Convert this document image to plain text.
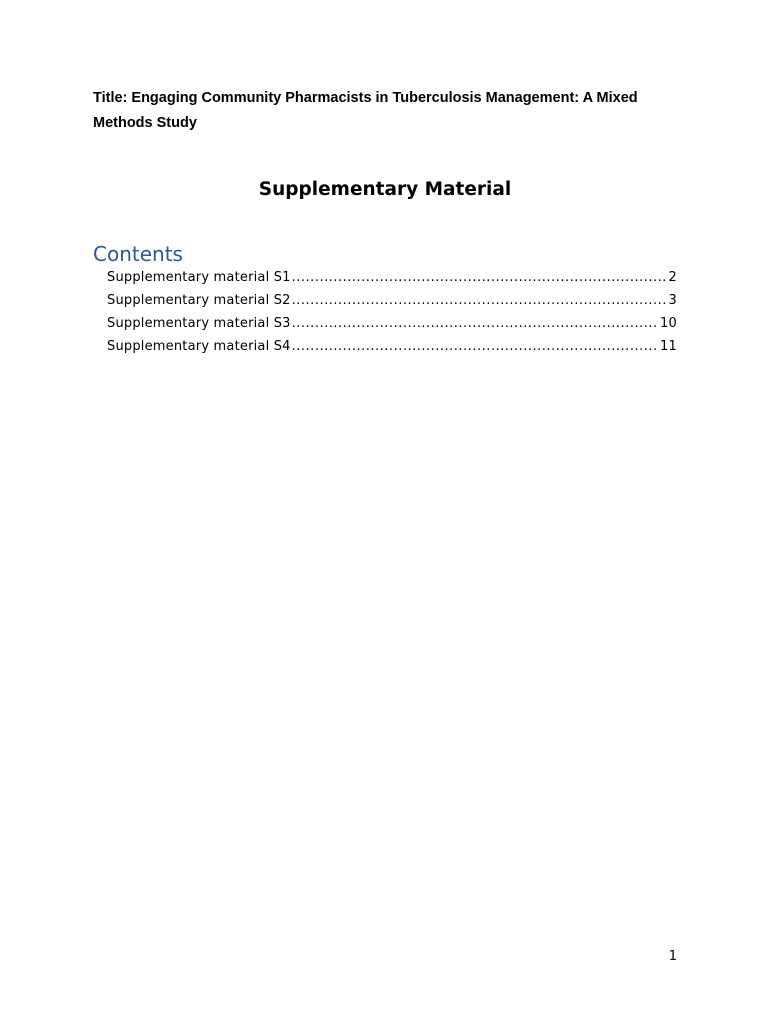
Title: Engaging Community Pharmacists in Tuberculosis Management: A Mixed Methods Study

Supplementary Material
Contents
Supplementary material S1 .....	2
Supplementary material S2 .....	3
Supplementary material S3 .....	10
Supplementary material S4 .....	11
1
